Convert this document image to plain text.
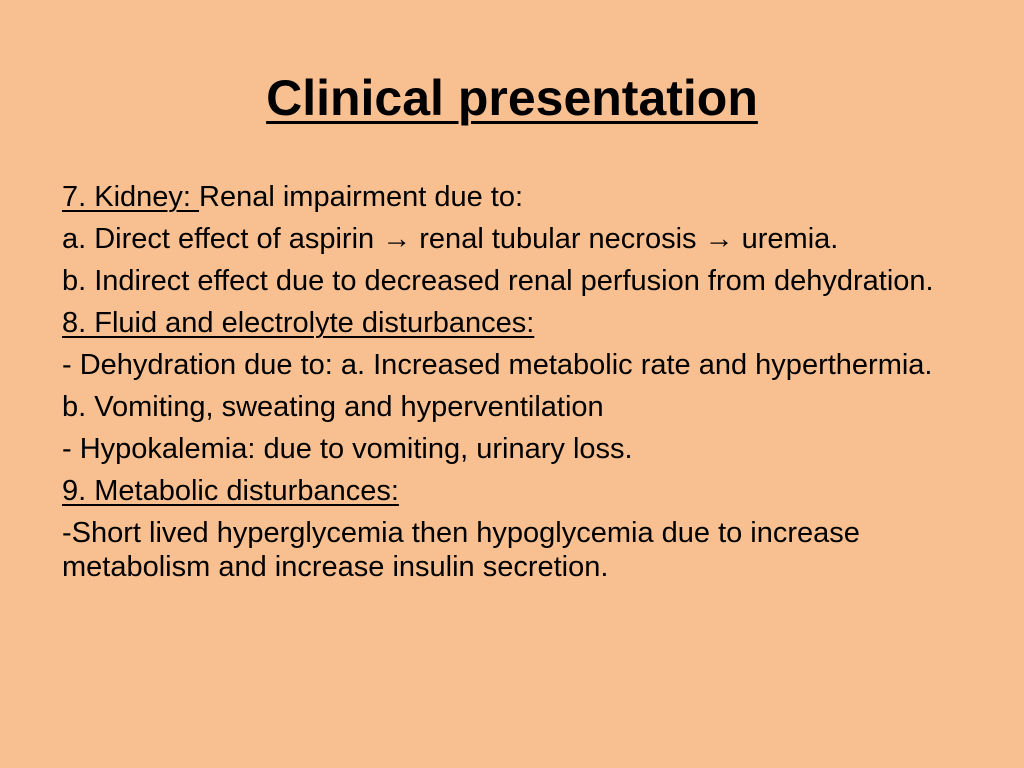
Clinical presentation

7. Kidney: Renal impairment due to:

a. Direct effect of aspirin → renal tubular necrosis → uremia.

b. Indirect effect due to decreased renal perfusion from dehydration.

8. Fluid and electrolyte disturbances:

- Dehydration due to: a. Increased metabolic rate and hyperthermia.

b. Vomiting, sweating and hyperventilation

- Hypokalemia: due to vomiting, urinary loss.

9. Metabolic disturbances:

-Short lived hyperglycemia then hypoglycemia due to increase metabolism and increase insulin secretion.
